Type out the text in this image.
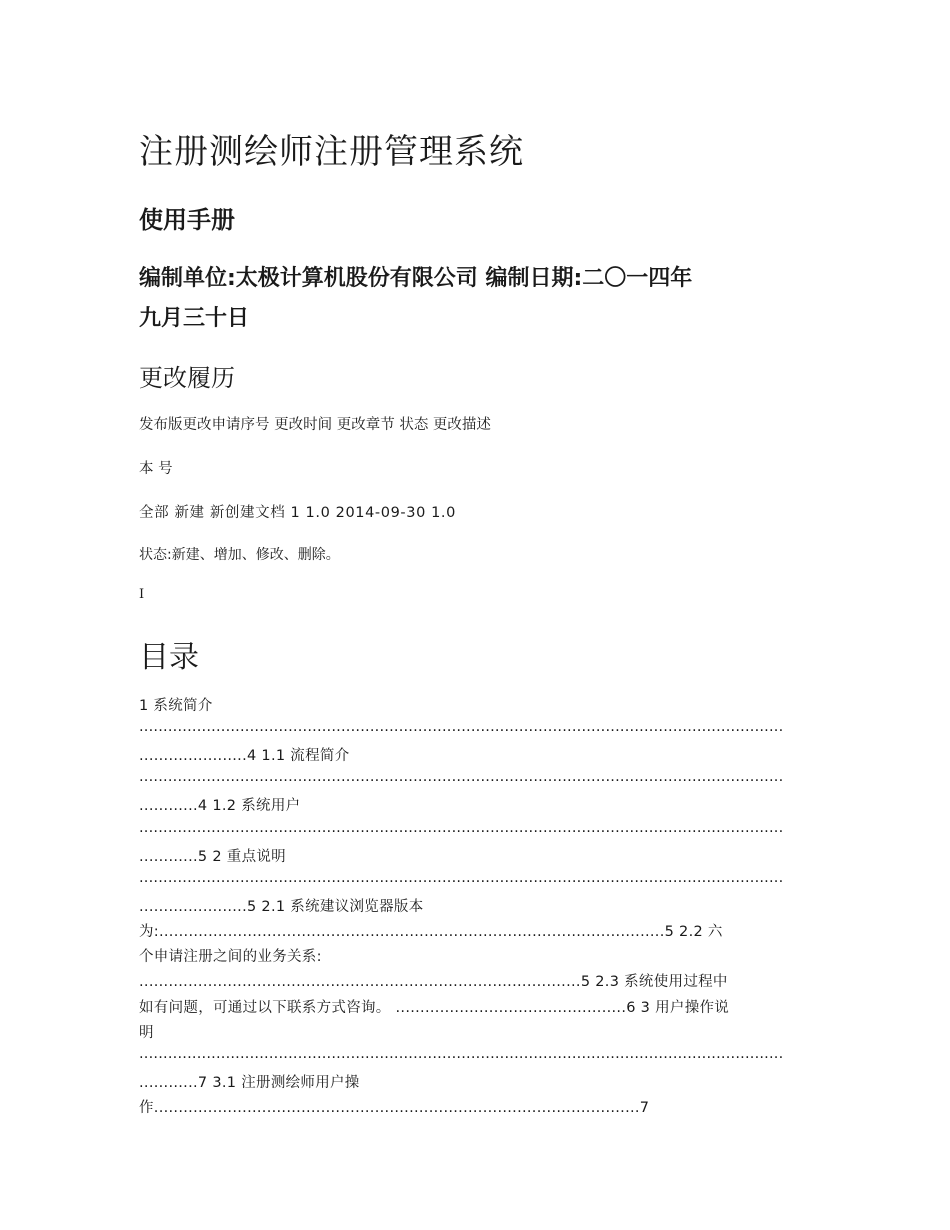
注册测绘师注册管理系统
使用手册
编制单位:太极计算机股份有限公司 编制日期:二〇一四年
九月三十日
更改履历
发布版更改申请序号 更改时间 更改章节 状态 更改描述
本 号
全部 新建 新创建文档 1 1.0 2014-09-30 1.0
状态:新建、增加、修改、删除。
I
目录
1 系统简介
......................................................................................................................................
......................4 1.1 流程简介
......................................................................................................................................
............4 1.2 系统用户
......................................................................................................................................
............5 2 重点说明
......................................................................................................................................
......................5 2.1 系统建议浏览器版本
为:.......................................................................................................5 2.2 六
个申请注册之间的业务关系:
..........................................................................................5 2.3 系统使用过程中
如有问题，可通过以下联系方式咨询。 ...............................................6 3 用户操作说
明
......................................................................................................................................
............7 3.1 注册测绘师用户操
作...................................................................................................7
